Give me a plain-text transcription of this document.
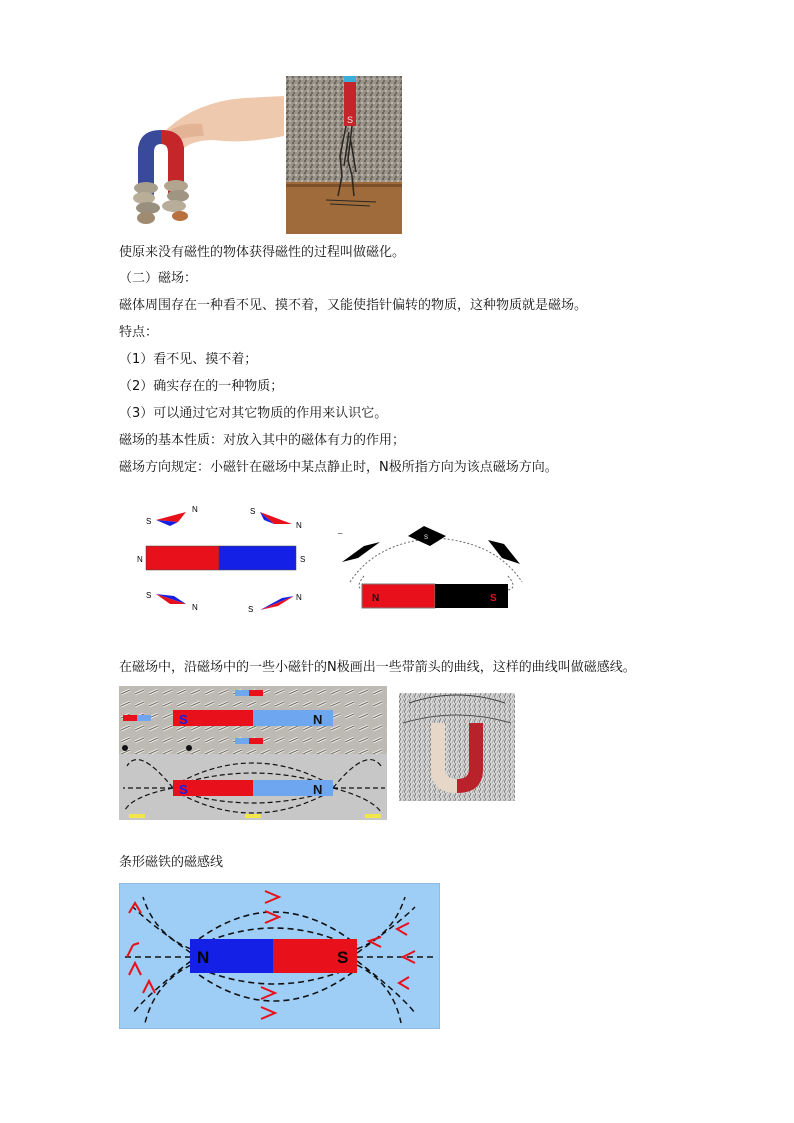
S
使原来没有磁性的物体获得磁性的过程叫做磁化。
（二）磁场：
磁体周围存在一种看不见、摸不着，又能使指针偏转的物质，这种物质就是磁场。
特点：
（1）看不见、摸不着；
（2）确实存在的一种物质；
（3）可以通过它对其它物质的作用来认识它。
磁场的基本性质：对放入其中的磁体有力的作用；
磁场方向规定：小磁针在磁场中某点静止时，N极所指方向为该点磁场方向。
S
N	S
N
N	S
S
N	S
N
_
S
N	S
在磁场中，沿磁场中的一些小磁针的N极画出一些带箭头的曲线，这样的曲线叫做磁感线。
S	N
S	N
条形磁铁的磁感线
N	S
